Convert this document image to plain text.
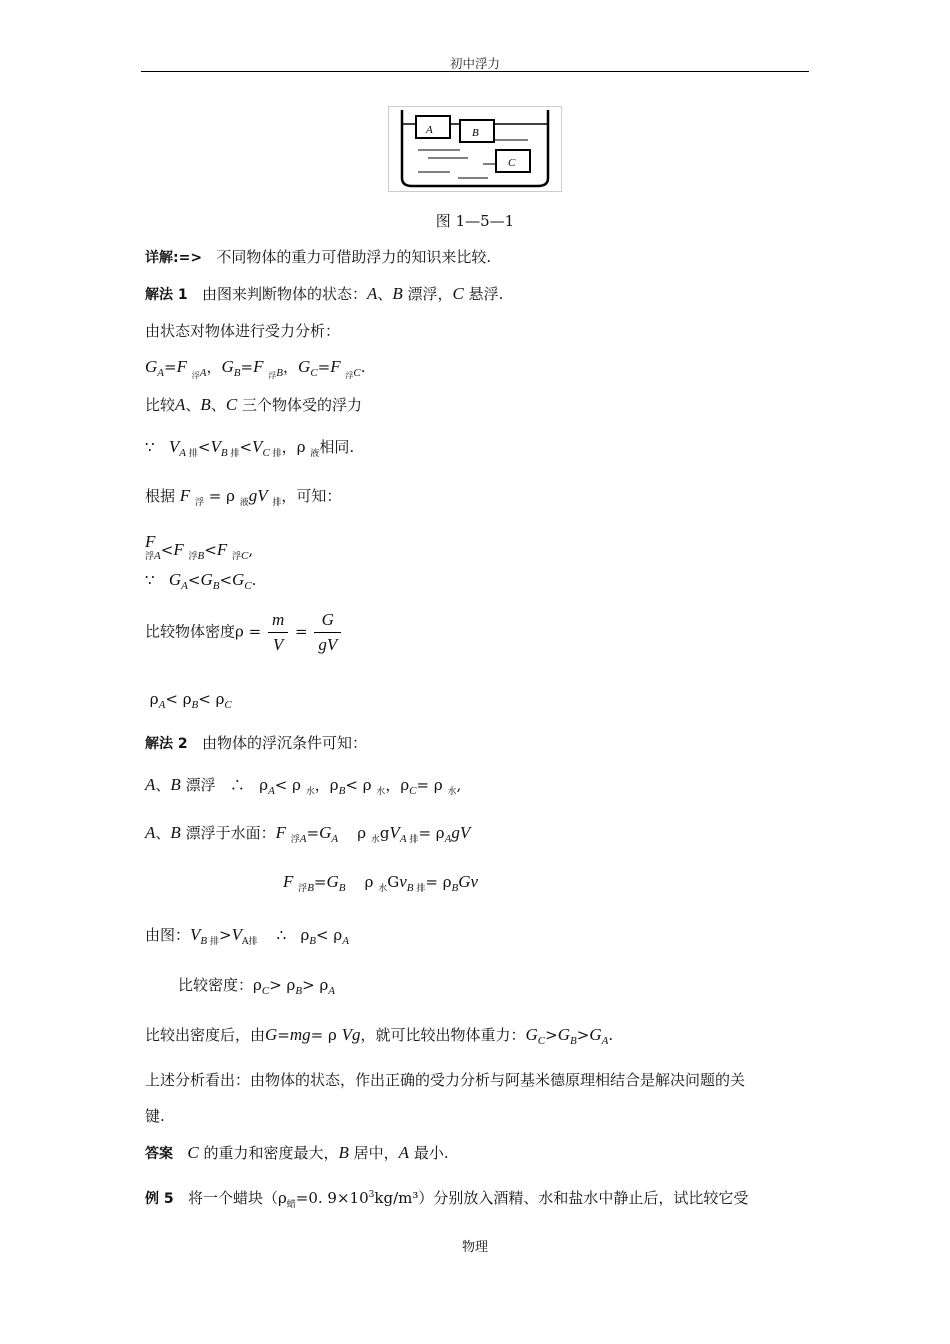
初中浮力
A	B
C
图 1—5—1
详解:=> 不同物体的重力可借助浮力的知识来比较.
解法 1 由图来判断物体的状态：A、B 漂浮，C 悬浮.
由状态对物体进行受力分析：
$G_A=F$ $_{浮A}$，$G_B=F$ $_{浮B}$，$G_C=F$ $_{浮C}$.
比较A、B、C 三个物体受的浮力
∵ $V_{A 排}<V_{B 排}<V_{C 排}$，ρ $_液$相同.
根据 F $_浮$ = ρ $_液$gV $_排$，可知：
F

$_{浮A}$<F $_{浮B}$<F $_{浮C}$,
∵ $G_A<G_B<G_C$.
比较物体密度$\rho = \frac{m}{V} = \frac{G}{gV}$
$\rho_A< \rho_B< \rho_C$
解法 2 由物体的浮沉条件可知：
A、B 漂浮 ∴ $\rho_A< \rho$ $_水$，$\rho_B< \rho$ $_水$，$\rho_C= \rho$ $_水$,
A、B 漂浮于水面：F $_{浮A}=G_A$ ρ $_水gV_{A 排}= \rho_AgV$
F $_{浮B}=G_B$ ρ $_水Gv_{B 排}= \rho_BGv$
由图：$V_{B 排}>V_{A排}$ ∴ $\rho_B< \rho_A$
比较密度：$\rho_C> \rho_B> \rho_A$
比较出密度后，由G=mg= ρ Vg，就可比较出物体重力：$G_C>G_B>G_A$.
上述分析看出：由物体的状态，作出正确的受力分析与阿基米德原理相结合是解决问题的关
键.
答案 C 的重力和密度最大，B 居中，A 最小.
例 5 将一个蜡块（$\rho_蜡=0$. $9\times 10^3kg/m^3$）分别放入酒精、水和盐水中静止后，试比较它受
物理
